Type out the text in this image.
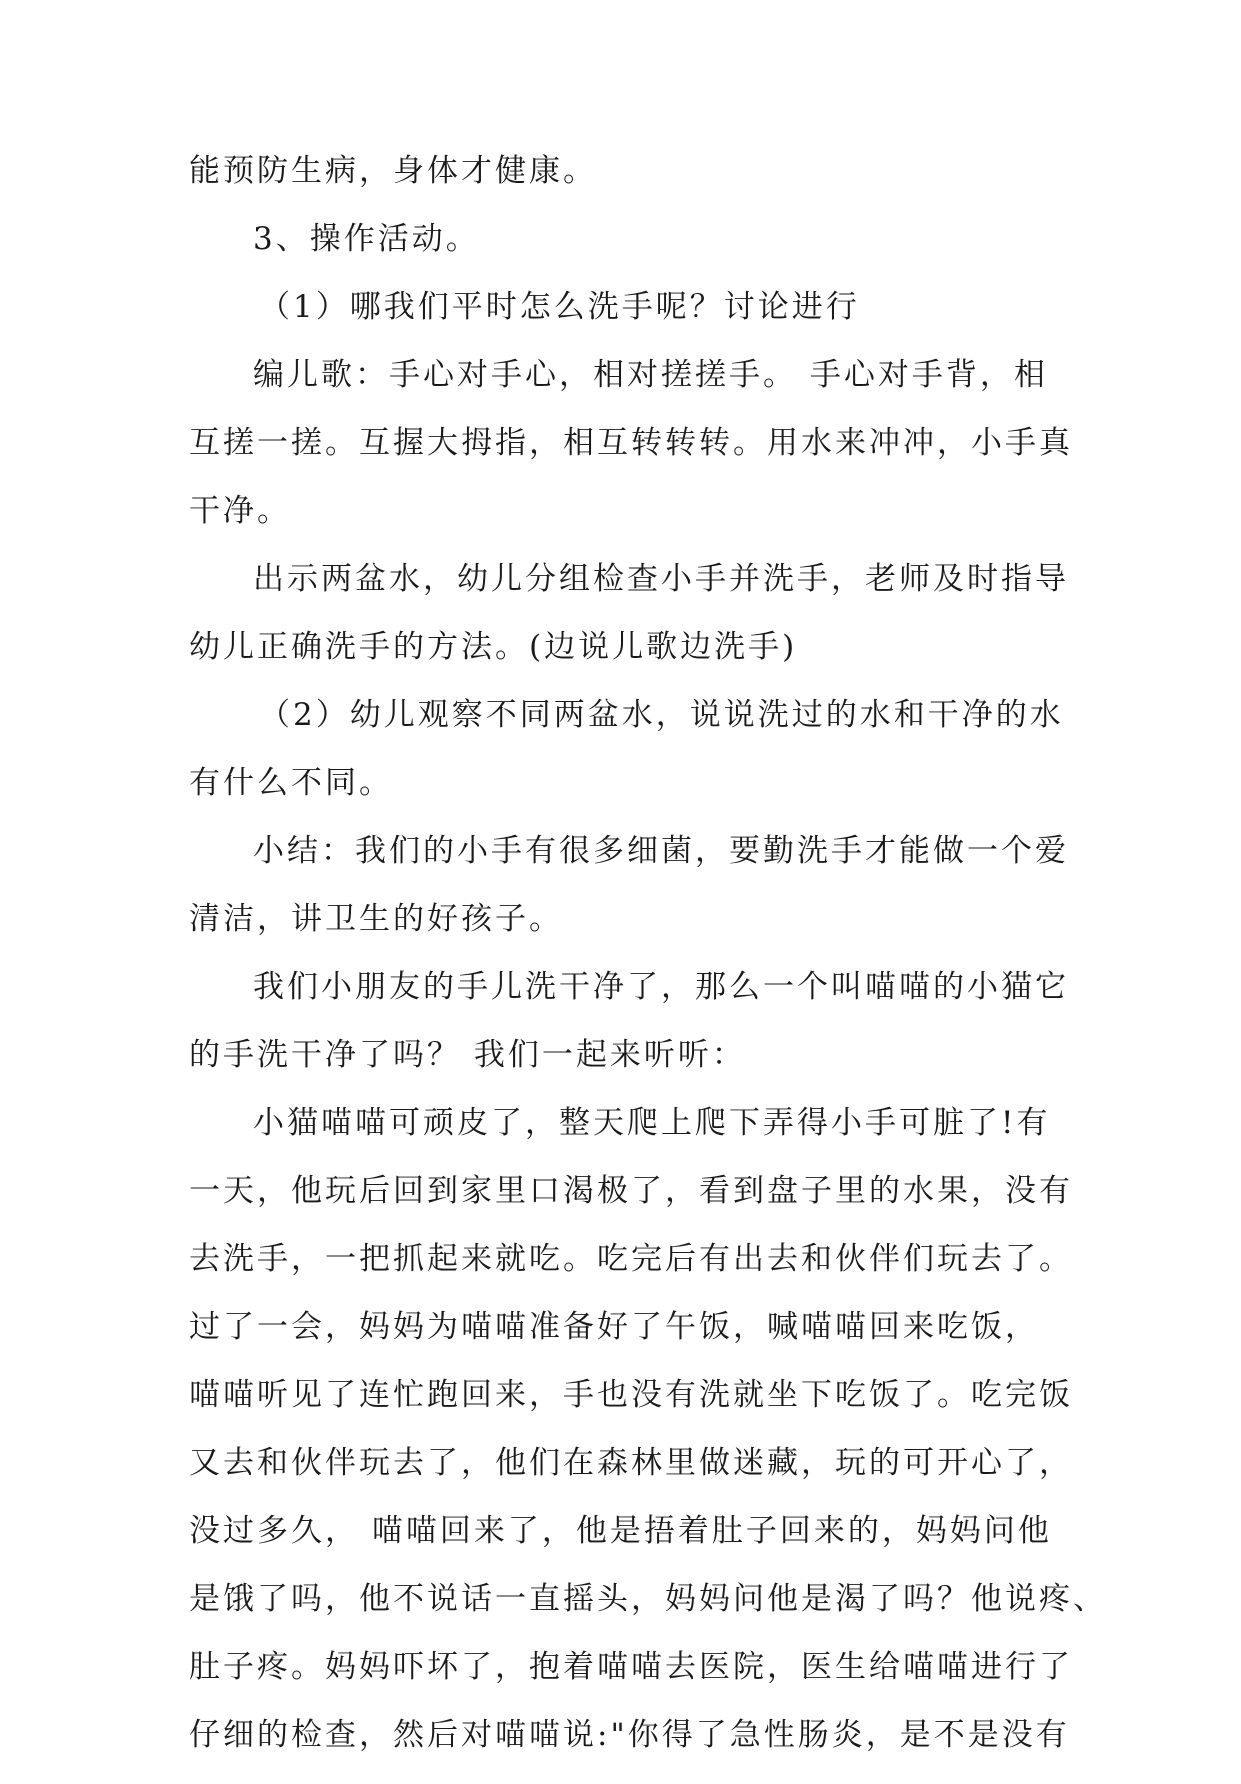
能预防生病，身体才健康。
3、操作活动。
（1）哪我们平时怎么洗手呢？讨论进行
编儿歌：手心对手心，相对搓搓手。 手心对手背，相
互搓一搓。互握大拇指，相互转转转。用水来冲冲，小手真
干净。
出示两盆水，幼儿分组检查小手并洗手，老师及时指导
幼儿正确洗手的方法。(边说儿歌边洗手)
（2）幼儿观察不同两盆水，说说洗过的水和干净的水
有什么不同。
小结：我们的小手有很多细菌，要勤洗手才能做一个爱
清洁，讲卫生的好孩子。
我们小朋友的手儿洗干净了，那么一个叫喵喵的小猫它
的手洗干净了吗？ 我们一起来听听：
小猫喵喵可顽皮了，整天爬上爬下弄得小手可脏了!有
一天，他玩后回到家里口渴极了，看到盘子里的水果，没有
去洗手，一把抓起来就吃。吃完后有出去和伙伴们玩去了。
过了一会，妈妈为喵喵准备好了午饭，喊喵喵回来吃饭，
喵喵听见了连忙跑回来，手也没有洗就坐下吃饭了。吃完饭
又去和伙伴玩去了，他们在森林里做迷藏，玩的可开心了，
没过多久， 喵喵回来了，他是捂着肚子回来的，妈妈问他
是饿了吗，他不说话一直摇头，妈妈问他是渴了吗？他说疼、
肚子疼。妈妈吓坏了，抱着喵喵去医院，医生给喵喵进行了
仔细的检查，然后对喵喵说:"你得了急性肠炎，是不是没有
